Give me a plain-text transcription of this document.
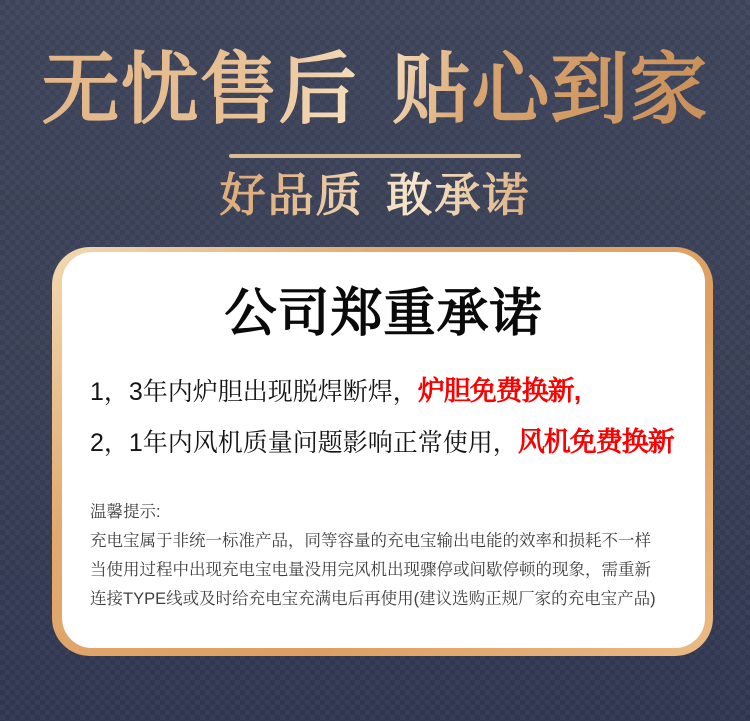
无忧售后 贴心到家
好品质 敢承诺
公司郑重承诺
1，3年内炉胆出现脱焊断焊，炉胆免费换新,
2，1年内风机质量问题影响正常使用，风机免费换新
温馨提示:
充电宝属于非统一标准产品，同等容量的充电宝输出电能的效率和损耗不一样
当使用过程中出现充电宝电量没用完风机出现骤停或间歇停顿的现象，需重新
连接TYPE线或及时给充电宝充满电后再使用(建议选购正规厂家的充电宝产品)
